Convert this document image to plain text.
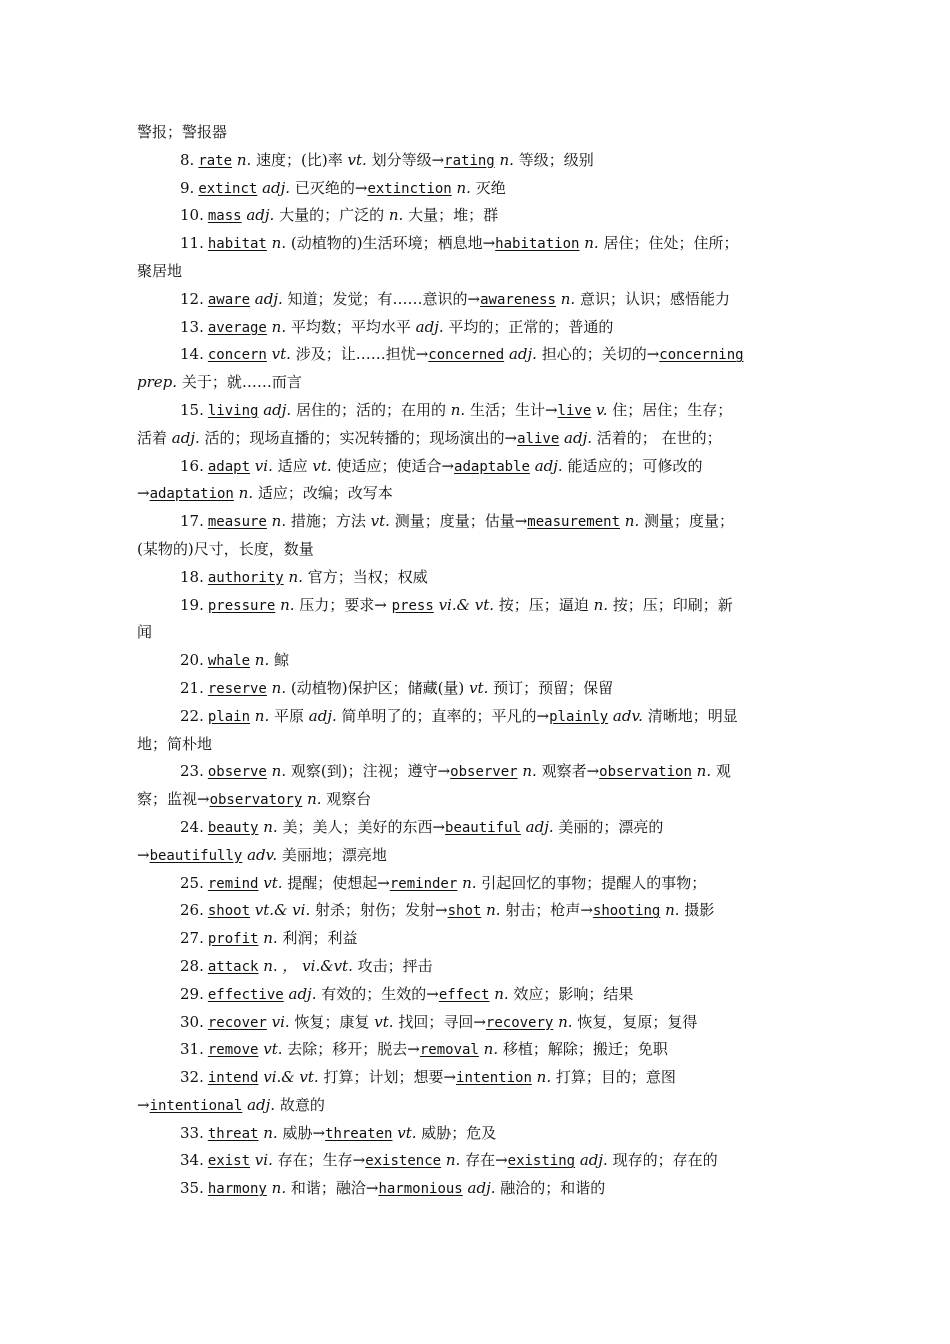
警报；警报器
8. rate n. 速度；(比)率 vt. 划分等级→rating n. 等级；级别
9. extinct adj. 已灭绝的→extinction n. 灭绝
10. mass adj. 大量的；广泛的 n. 大量；堆；群
11. habitat n. (动植物的)生活环境；栖息地→habitation n. 居住；住处；住所；
聚居地
12. aware adj. 知道；发觉；有……意识的→awareness n. 意识；认识；感悟能力
13. average n. 平均数；平均水平 adj. 平均的；正常的；普通的
14. concern vt. 涉及；让……担忧→concerned adj. 担心的；关切的→concerning
prep. 关于；就……而言
15. living adj. 居住的；活的；在用的 n. 生活；生计→live v. 住；居住；生存；
活着 adj. 活的；现场直播的；实况转播的；现场演出的→alive adj. 活着的； 在世的；
16. adapt vi. 适应 vt. 使适应；使适合→adaptable adj. 能适应的；可修改的
→adaptation n. 适应；改编；改写本
17. measure n. 措施；方法 vt. 测量；度量；估量→measurement n. 测量；度量；
(某物的)尺寸，长度，数量
18. authority n. 官方；当权；权威
19. pressure n. 压力；要求→ press vi.& vt. 按；压；逼迫 n. 按；压；印刷；新
闻
20. whale n. 鲸
21. reserve n. (动植物)保护区；储藏(量) vt. 预订；预留；保留
22. plain n. 平原 adj. 简单明了的；直率的；平凡的→plainly adv. 清晰地；明显
地；简朴地
23. observe n. 观察(到)；注视；遵守→observer n. 观察者→observation n. 观
察；监视→observatory n. 观察台
24. beauty n. 美；美人；美好的东西→beautiful adj. 美丽的；漂亮的
→beautifully adv. 美丽地；漂亮地
25. remind vt. 提醒；使想起→reminder n. 引起回忆的事物；提醒人的事物；
26. shoot vt.& vi. 射杀；射伤；发射→shot n. 射击；枪声→shooting n. 摄影
27. profit n. 利润；利益
28. attack n. ， vi.&vt. 攻击；抨击
29. effective adj. 有效的；生效的→effect n. 效应；影响；结果
30. recover vi. 恢复；康复 vt. 找回；寻回→recovery n. 恢复，复原；复得
31. remove vt. 去除；移开；脱去→removal n. 移植；解除；搬迁；免职
32. intend vi.& vt. 打算；计划；想要→intention n. 打算；目的；意图
→intentional adj. 故意的
33. threat n. 威胁→threaten vt. 威胁；危及
34. exist vi. 存在；生存→existence n. 存在→existing adj. 现存的；存在的
35. harmony n. 和谐；融洽→harmonious adj. 融洽的；和谐的
